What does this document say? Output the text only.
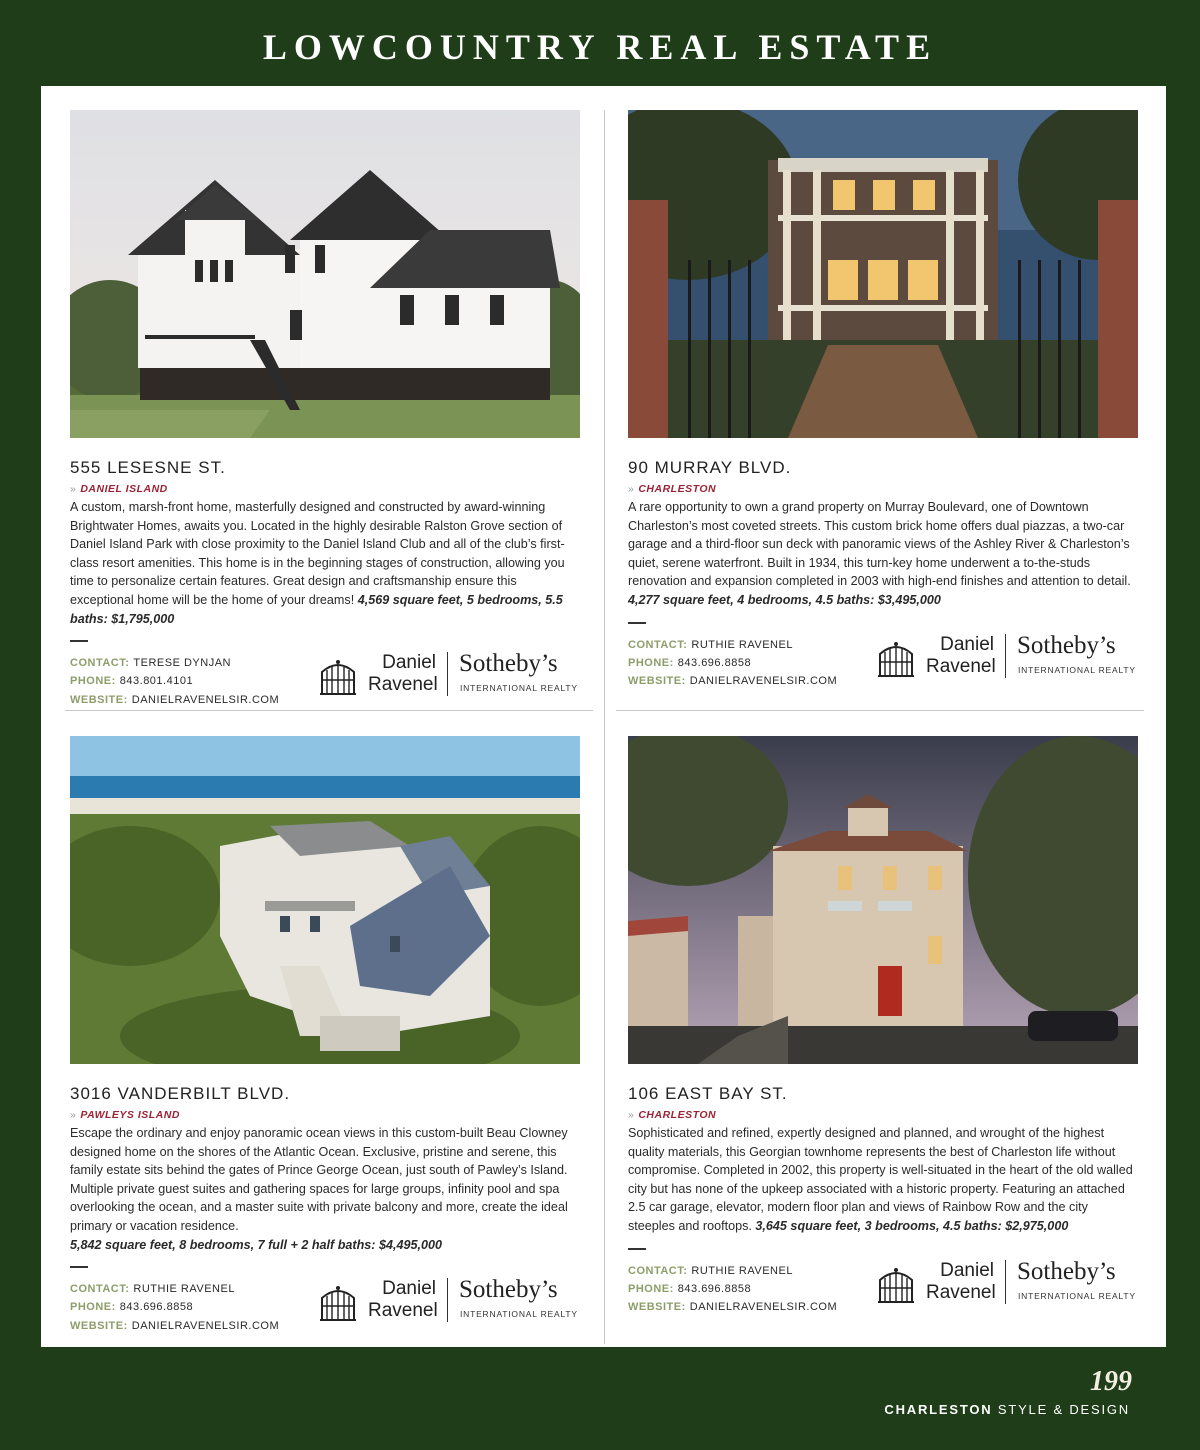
LOWCOUNTRY REAL ESTATE
555 LESESNE ST.
» DANIEL ISLAND
A custom, marsh-front home, masterfully designed and constructed by award-winning Brightwater Homes, awaits you. Located in the highly desirable Ralston Grove section of Daniel Island Park with close proximity to the Daniel Island Club and all of the club’s first-class resort amenities. This home is in the beginning stages of construction, allowing you time to personalize certain features. Great design and craftsmanship ensure this exceptional home will be the home of your dreams! 4,569 square feet, 5 bedrooms, 5.5 baths: $1,795,000
CONTACT: TERESE DYNJAN
PHONE: 843.801.4101
WEBSITE: DANIELRAVENELSIR.COM
Daniel
Ravenel
Sotheby’s
INTERNATIONAL REALTY
90 MURRAY BLVD.
» CHARLESTON
A rare opportunity to own a grand property on Murray Boulevard, one of Downtown Charleston’s most coveted streets. This custom brick home offers dual piazzas, a two-car garage and a third-floor sun deck with panoramic views of the Ashley River & Charleston’s quiet, serene waterfront. Built in 1934, this turn-key home underwent a to-the-studs renovation and expansion completed in 2003 with high-end finishes and attention to detail.
4,277 square feet, 4 bedrooms, 4.5 baths: $3,495,000
CONTACT: RUTHIE RAVENEL
PHONE: 843.696.8858
WEBSITE: DANIELRAVENELSIR.COM
Daniel
Ravenel
Sotheby’s
INTERNATIONAL REALTY
3016 VANDERBILT BLVD.
» PAWLEYS ISLAND
Escape the ordinary and enjoy panoramic ocean views in this custom-built Beau Clowney designed home on the shores of the Atlantic Ocean. Exclusive, pristine and serene, this family estate sits behind the gates of Prince George Ocean, just south of Pawley’s Island. Multiple private guest suites and gathering spaces for large groups, infinity pool and spa overlooking the ocean, and a master suite with private balcony and more, create the ideal primary or vacation residence.
5,842 square feet, 8 bedrooms, 7 full + 2 half baths: $4,495,000
CONTACT: RUTHIE RAVENEL
PHONE: 843.696.8858
WEBSITE: DANIELRAVENELSIR.COM
Daniel
Ravenel
Sotheby’s
INTERNATIONAL REALTY
106 EAST BAY ST.
» CHARLESTON
Sophisticated and refined, expertly designed and planned, and wrought of the highest quality materials, this Georgian townhome represents the best of Charleston life without compromise. Completed in 2002, this property is well-situated in the heart of the old walled city but has none of the upkeep associated with a historic property. Featuring an attached 2.5 car garage, elevator, modern floor plan and views of Rainbow Row and the city steeples and rooftops. 3,645 square feet, 3 bedrooms, 4.5 baths: $2,975,000
CONTACT: RUTHIE RAVENEL
PHONE: 843.696.8858
WEBSITE: DANIELRAVENELSIR.COM
Daniel
Ravenel
Sotheby’s
INTERNATIONAL REALTY
199
CHARLESTON STYLE & DESIGN
